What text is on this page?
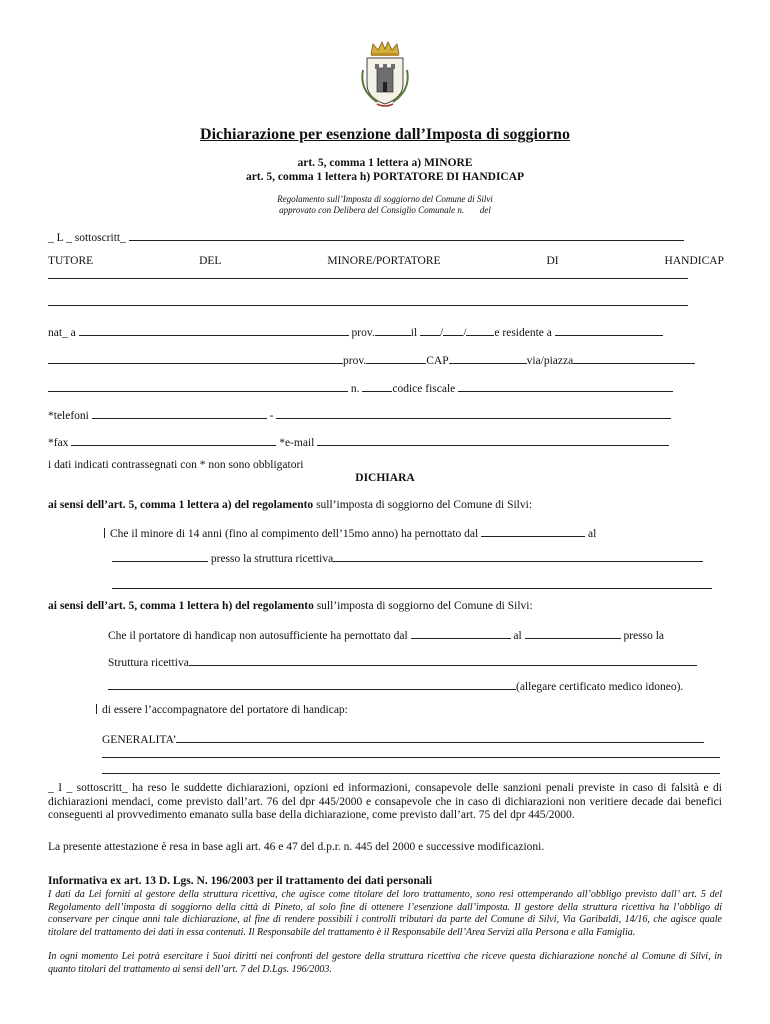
Dichiarazione per esenzione dall’Imposta di soggiorno
art. 5, comma 1 lettera a) MINORE
art. 5, comma 1 lettera h) PORTATORE DI HANDICAP
Regolamento sull’Imposta di soggiorno del Comune di Silvi
approvato con Delibera del Consiglio Comunale n. del
_ L _ sottoscritt_
TUTORE	DEL	MINORE/PORTATORE	DI	HANDICAP
nat_ a	prov.	il / / e residente a
prov.	CAP	via/piazza
n.	codice fiscale
*telefoni	-
*fax	*e-mail
i dati indicati contrassegnati con * non sono obbligatori
DICHIARA
ai sensi dell’art. 5, comma 1 lettera a) del regolamento sull’imposta di soggiorno del Comune di Silvi:
Che il minore di 14 anni (fino al compimento dell’15mo anno) ha pernottato dal	al
presso la struttura ricettiva
ai sensi dell’art. 5, comma 1 lettera h) del regolamento sull’imposta di soggiorno del Comune di Silvi:
Che il portatore di handicap non autosufficiente ha pernottato dal	al	presso la
Struttura ricettiva
(allegare certificato medico idoneo).
di essere l’accompagnatore del portatore di handicap:
GENERALITA’
_ I _ sottoscritt_ ha reso le suddette dichiarazioni, opzioni ed informazioni, consapevole delle sanzioni penali previste in caso di falsità e di dichiarazioni mendaci, come previsto dall’art. 76 del dpr 445/2000 e consapevole che in caso di dichiarazioni non veritiere decade dai benefici conseguenti al provvedimento emanato sulla base della dichiarazione, come previsto dall’art. 75 del dpr 445/2000.
La presente attestazione è resa in base agli art. 46 e 47 del d.p.r. n. 445 del 2000 e successive modificazioni.
Informativa ex art. 13 D. Lgs. N. 196/2003 per il trattamento dei dati personali
I dati da Lei forniti al gestore della struttura ricettiva, che agisce come titolare del loro trattamento, sono resi ottemperando all’obbligo previsto dall’ art. 5 del Regolamento dell’imposta di soggiorno della città di Pineto, al solo fine di ottenere l’esenzione dall’imposta. Il gestore della struttura ricettiva ha l’obbligo di conservare per cinque anni tale dichiarazione, al fine di rendere possibili i controlli tributari da parte del Comune di Silvi, Via Garibaldi, 14/16, che agisce quale titolare del trattamento dei dati in essa contenuti. Il Responsabile del trattamento è il Responsabile dell’Area Servizi alla Persona e alla Famiglia.
In ogni momento Lei potrà esercitare i Suoi diritti nei confronti del gestore della struttura ricettiva che riceve questa dichiarazione nonché al Comune di Silvi, in quanto titolari del trattamento ai sensi dell’art. 7 del D.Lgs. 196/2003.
